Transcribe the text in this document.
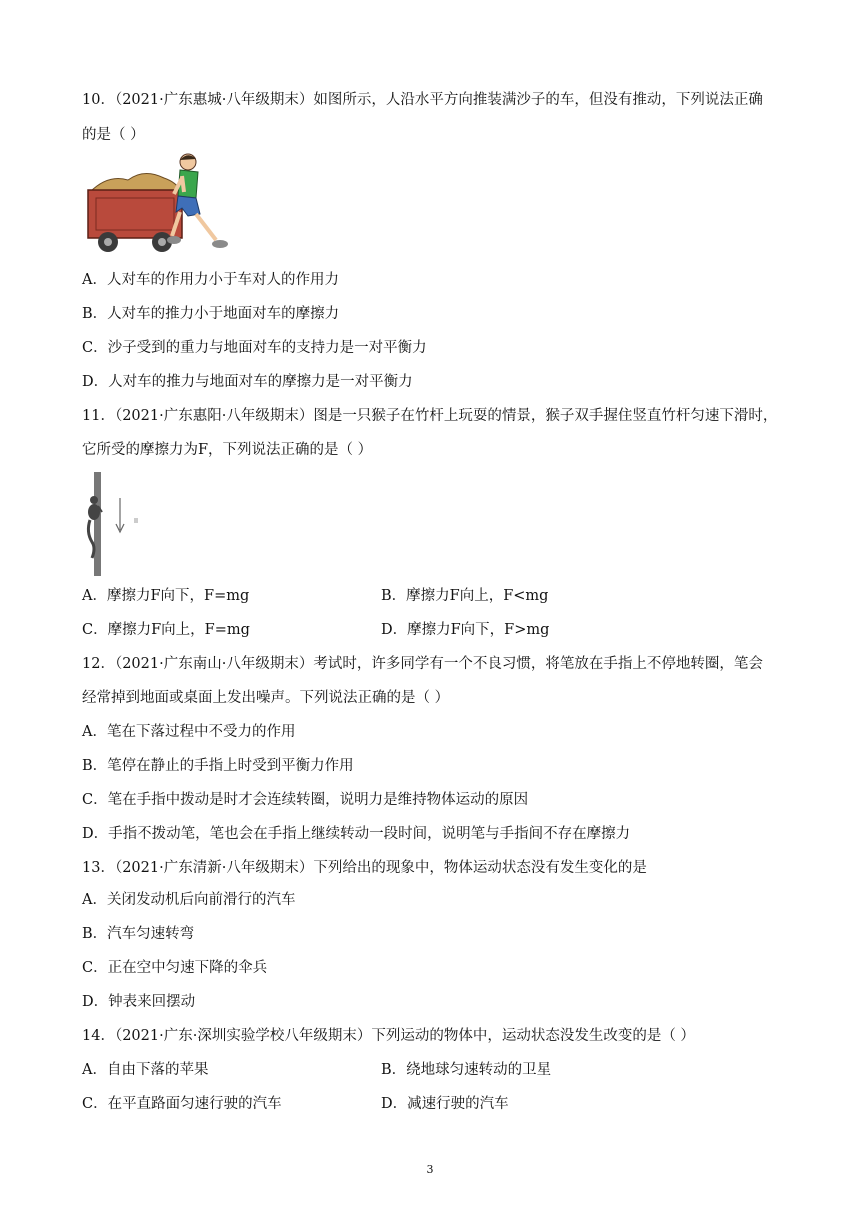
10．（2021·广东惠城·八年级期末）如图所示，人沿水平方向推装满沙子的车，但没有推动，下列说法正确
的是（ ）
A．人对车的作用力小于车对人的作用力
B．人对车的推力小于地面对车的摩擦力
C．沙子受到的重力与地面对车的支持力是一对平衡力
D．人对车的推力与地面对车的摩擦力是一对平衡力
11．（2021·广东惠阳·八年级期末）图是一只猴子在竹杆上玩耍的情景，猴子双手握住竖直竹杆匀速下滑时，
它所受的摩擦力为F，下列说法正确的是（ ）
A．摩擦力F向下，F=mg	B．摩擦力F向上，F<mg
C．摩擦力F向上，F=mg	D．摩擦力F向下，F>mg
12．（2021·广东南山·八年级期末）考试时，许多同学有一个不良习惯，将笔放在手指上不停地转圈，笔会
经常掉到地面或桌面上发出噪声。下列说法正确的是（ ）
A．笔在下落过程中不受力的作用
B．笔停在静止的手指上时受到平衡力作用
C．笔在手指中拨动是时才会连续转圈，说明力是维持物体运动的原因
D．手指不拨动笔，笔也会在手指上继续转动一段时间，说明笔与手指间不存在摩擦力
13．（2021·广东清新·八年级期末）下列给出的现象中，物体运动状态没有发生变化的是
A．关闭发动机后向前滑行的汽车
B．汽车匀速转弯
C．正在空中匀速下降的伞兵
D．钟表来回摆动
14．（2021·广东·深圳实验学校八年级期末）下列运动的物体中，运动状态没发生改变的是（ ）
A．自由下落的苹果	B．绕地球匀速转动的卫星
C．在平直路面匀速行驶的汽车	D．减速行驶的汽车
3
